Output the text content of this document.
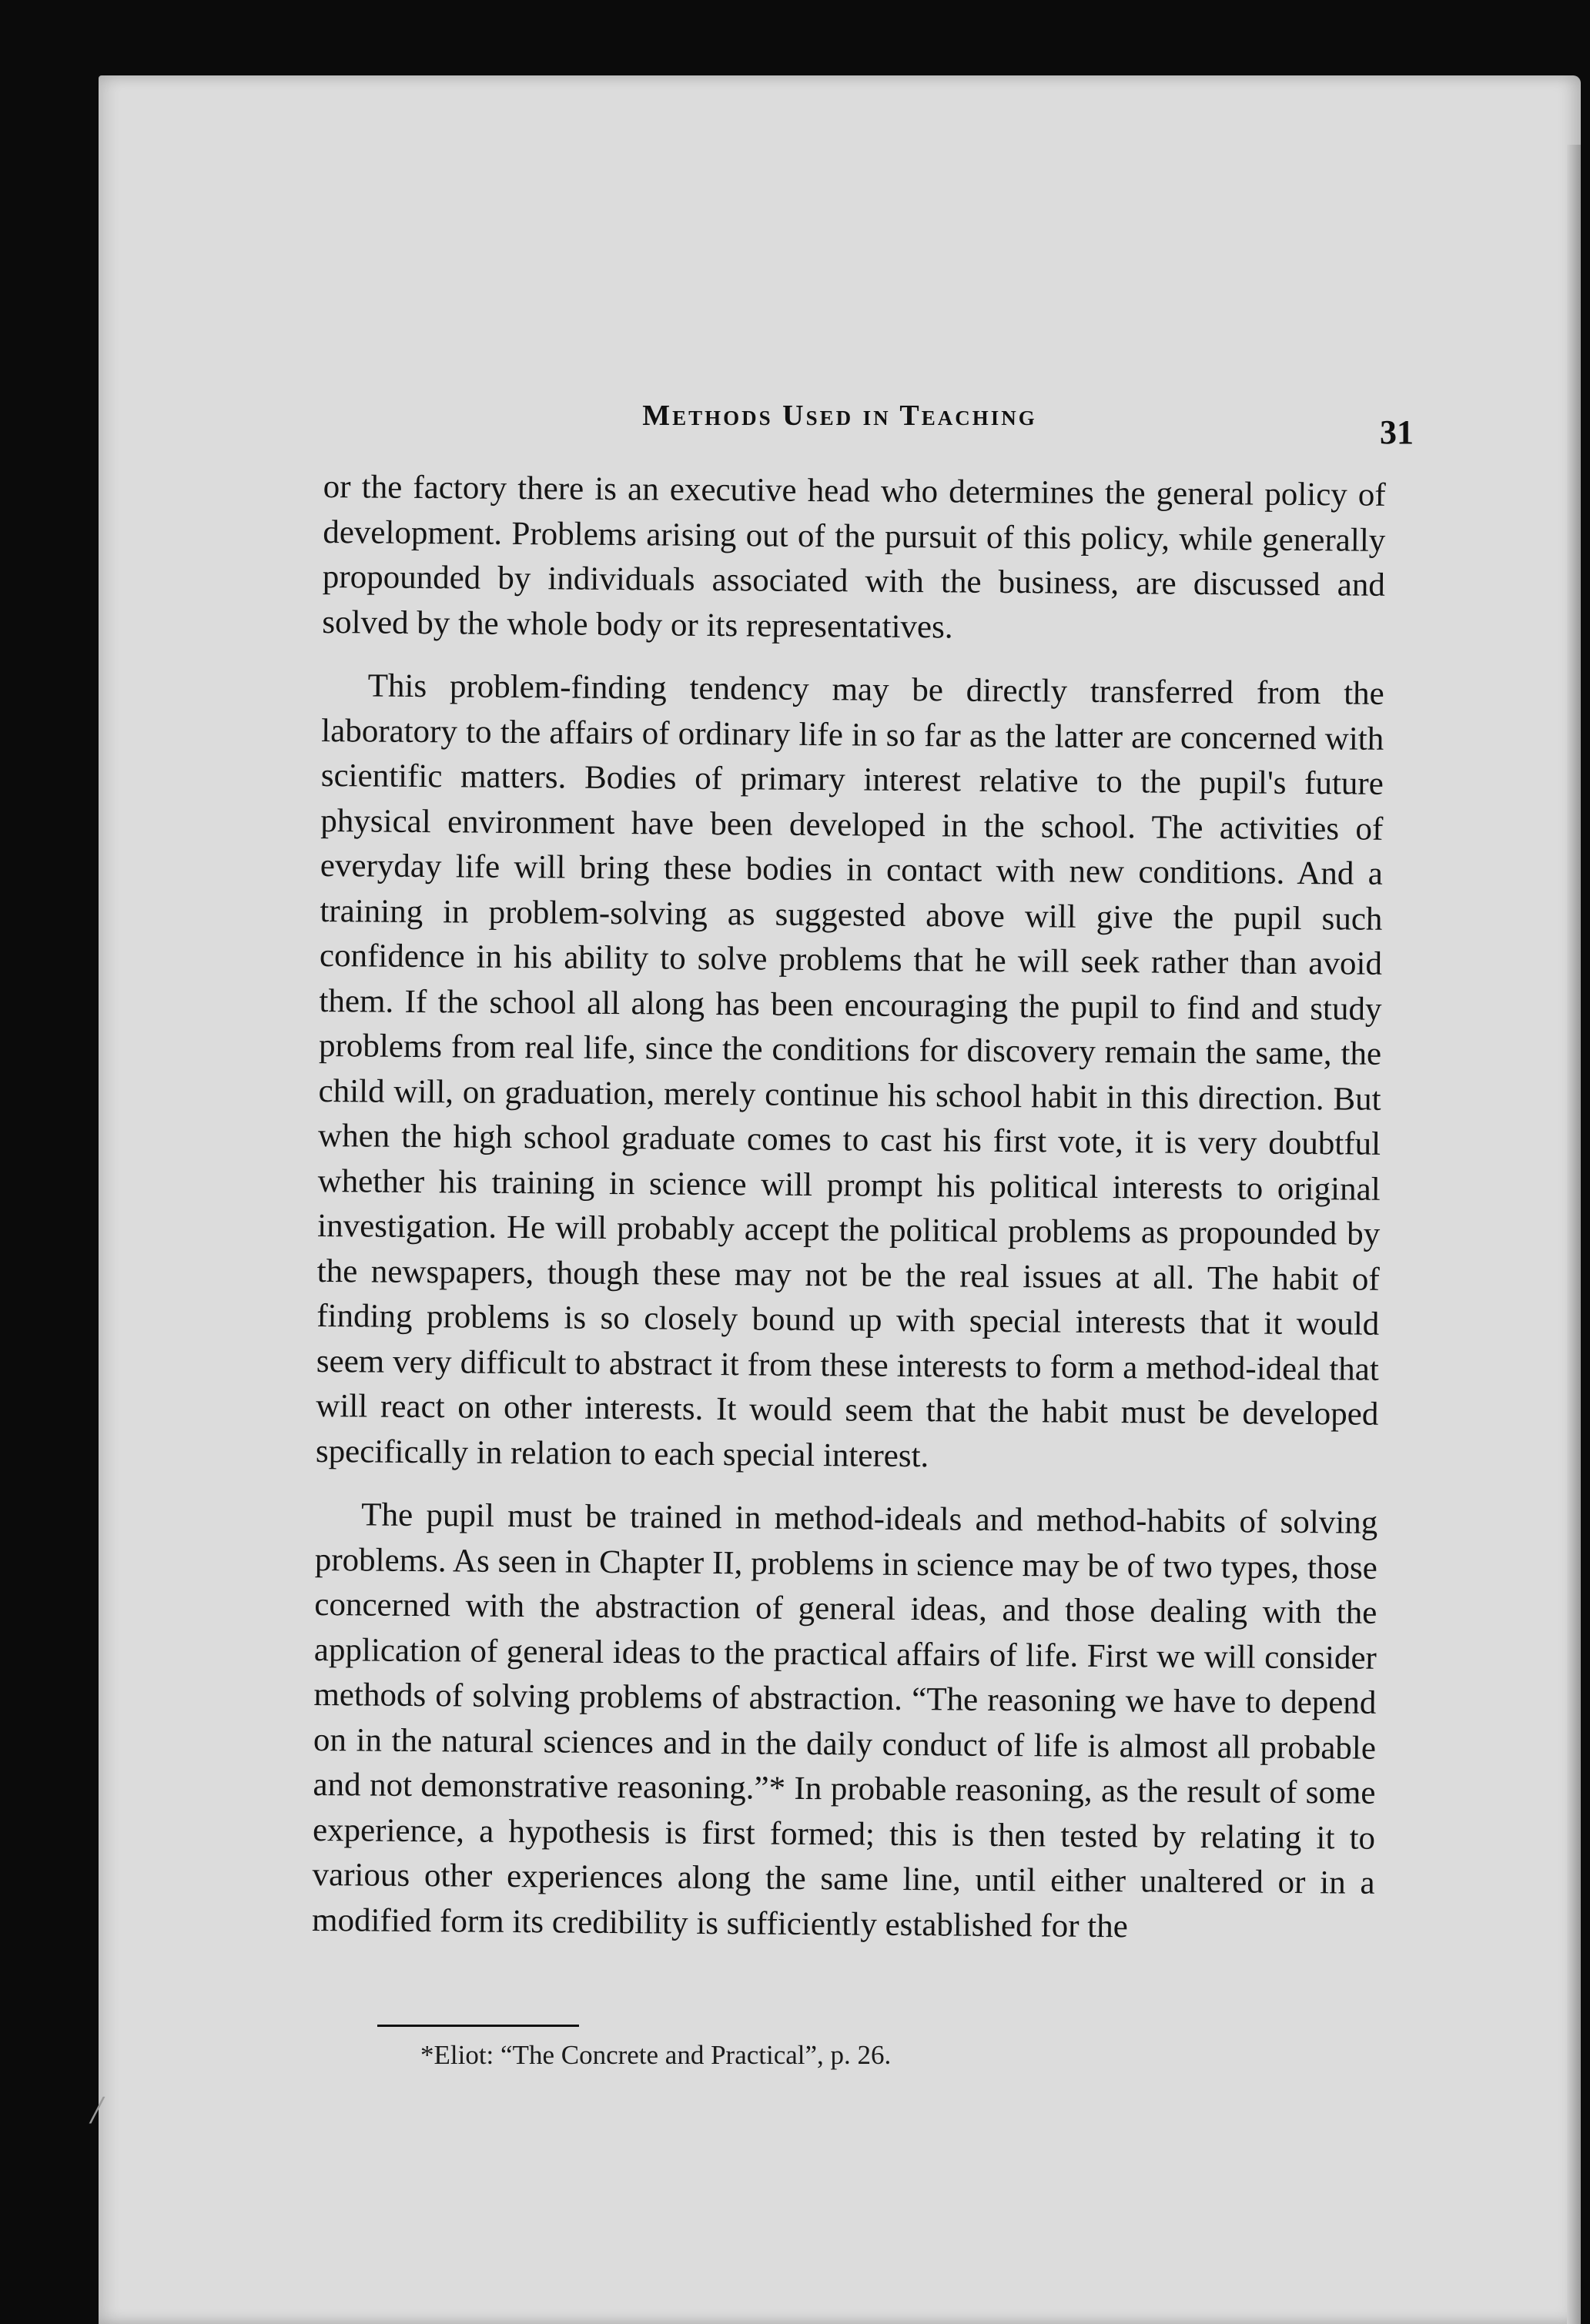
Methods Used in Teaching	31

or the factory there is an executive head who determines the general policy of development. Problems arising out of the pursuit of this policy, while generally propounded by individuals associated with the business, are discussed and solved by the whole body or its representatives.

This problem-finding tendency may be directly transferred from the laboratory to the affairs of ordinary life in so far as the latter are concerned with scientific matters. Bodies of primary interest relative to the pupil's future physical environment have been developed in the school. The activities of everyday life will bring these bodies in contact with new conditions. And a training in problem-solving as suggested above will give the pupil such confidence in his ability to solve problems that he will seek rather than avoid them. If the school all along has been encouraging the pupil to find and study problems from real life, since the conditions for discovery remain the same, the child will, on graduation, merely continue his school habit in this direction. But when the high school graduate comes to cast his first vote, it is very doubtful whether his training in science will prompt his political interests to original investigation. He will probably accept the political problems as propounded by the newspapers, though these may not be the real issues at all. The habit of finding problems is so closely bound up with special interests that it would seem very difficult to abstract it from these interests to form a method-ideal that will react on other interests. It would seem that the habit must be developed specifically in relation to each special interest.

The pupil must be trained in method-ideals and method-habits of solving problems. As seen in Chapter II, problems in science may be of two types, those concerned with the abstraction of general ideas, and those dealing with the application of general ideas to the practical affairs of life. First we will consider methods of solving problems of abstraction. “The reasoning we have to depend on in the natural sciences and in the daily conduct of life is almost all probable and not demonstrative reasoning.”* In probable reasoning, as the result of some experience, a hypothesis is first formed; this is then tested by relating it to various other experiences along the same line, until either unaltered or in a modified form its credibility is sufficiently established for the

*Eliot: “The Concrete and Practical”, p. 26.
/
